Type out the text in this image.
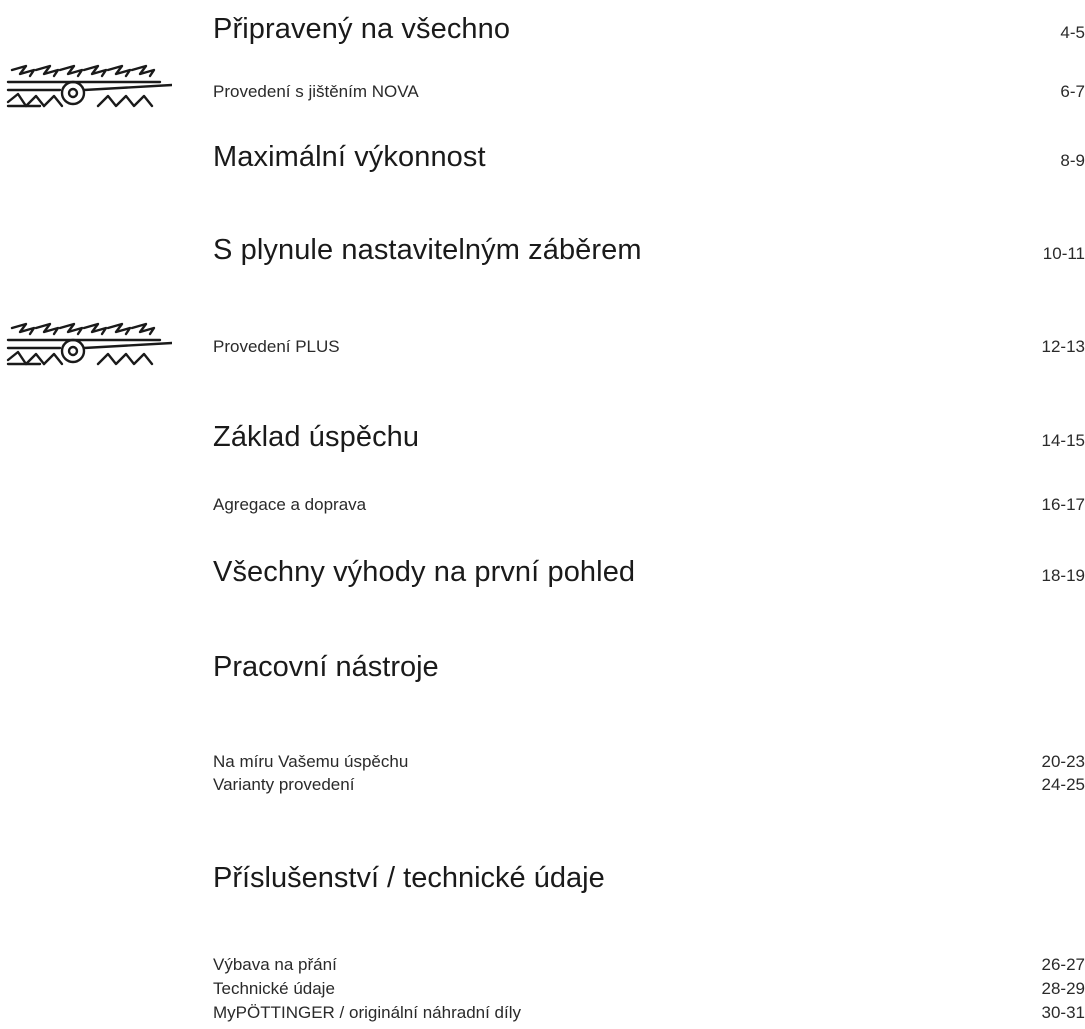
Připravený na všechno	4-5
Provedení s jištěním NOVA	6-7
Maximální výkonnost	8-9
S plynule nastavitelným záběrem	10-11
Provedení PLUS	12-13
Základ úspěchu	14-15
Agregace a doprava	16-17
Všechny výhody na první pohled	18-19
Pracovní nástroje
Na míru Vašemu úspěchu	20-23
Varianty provedení	24-25
Příslušenství / technické údaje
Výbava na přání	26-27
Technické údaje	28-29
MyPÖTTINGER / originální náhradní díly	30-31
